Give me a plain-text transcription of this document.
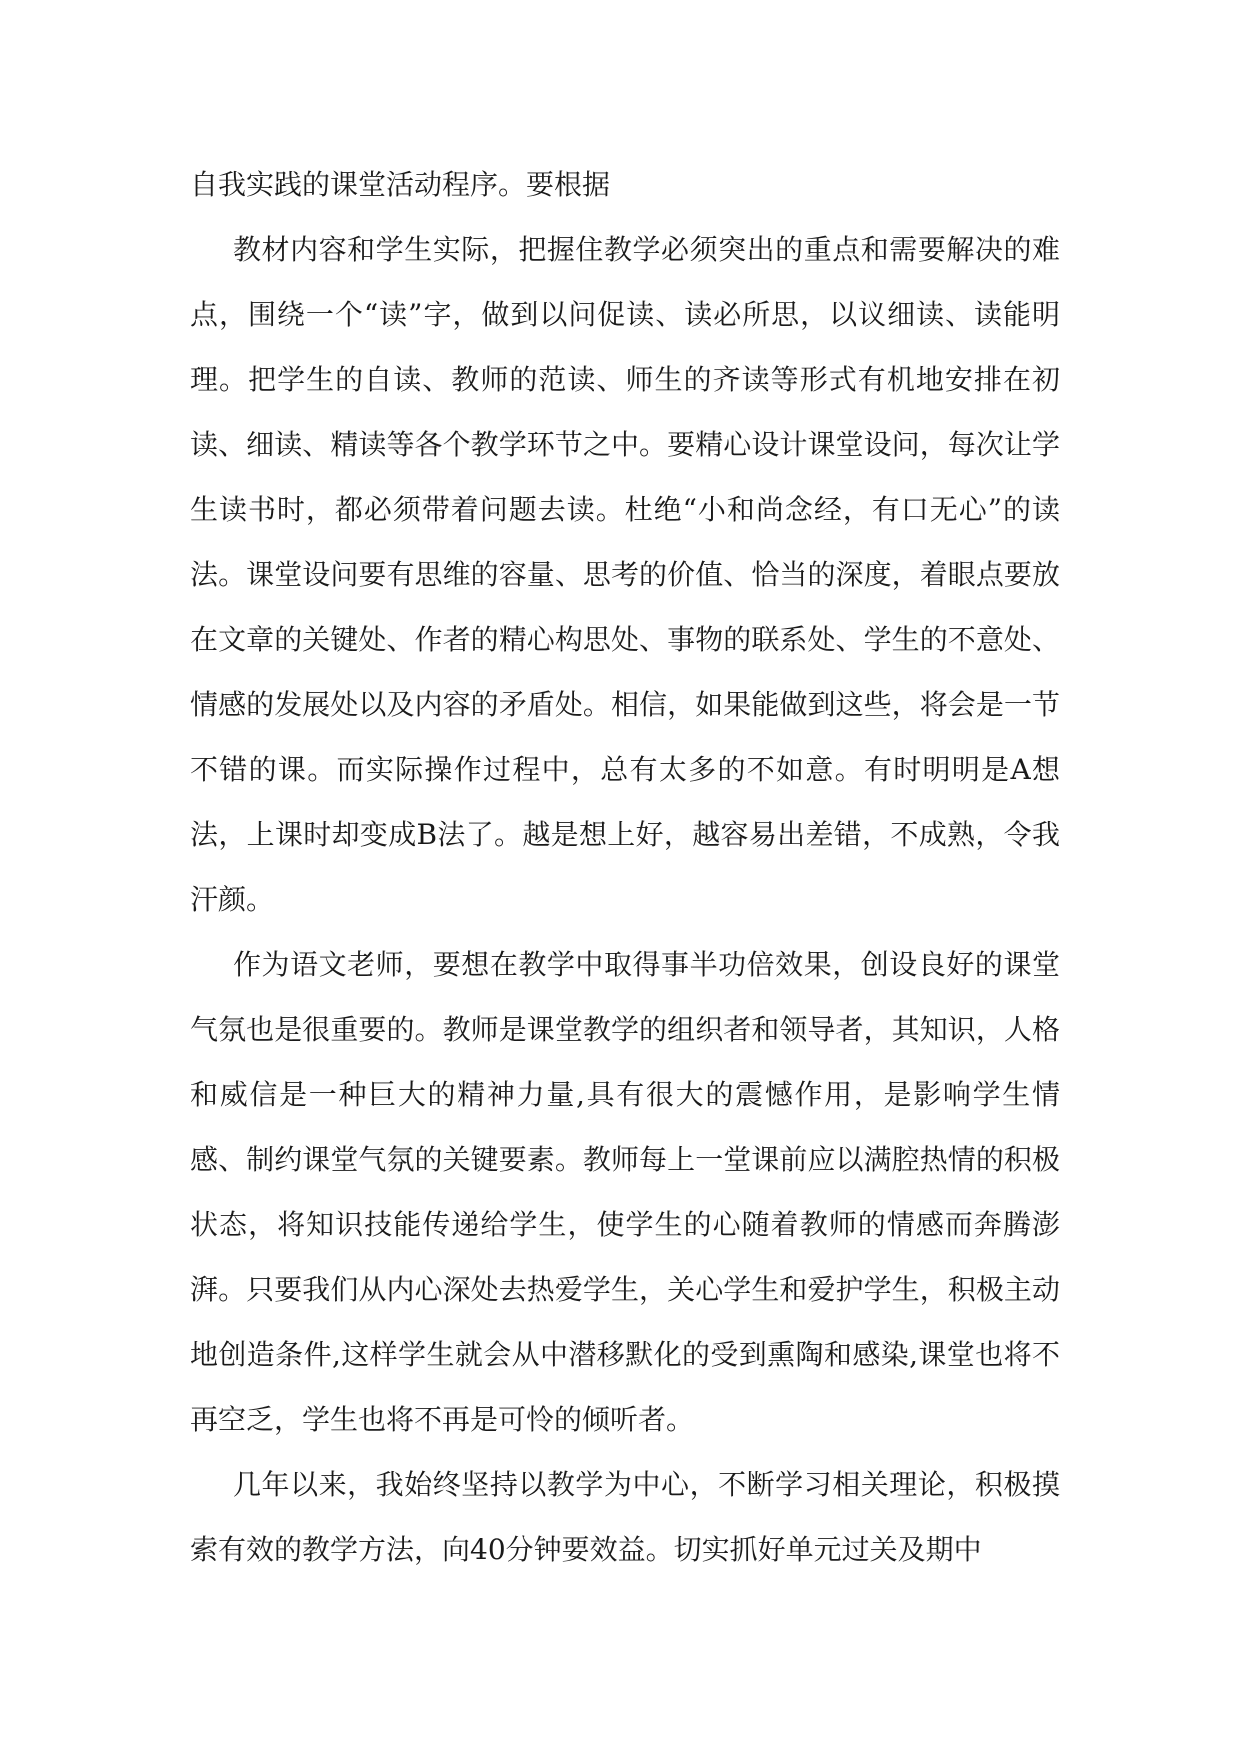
自我实践的课堂活动程序。要根据

教材内容和学生实际，把握住教学必须突出的重点和需要解决的难点，围绕一个“读”字，做到以问促读、读必所思，以议细读、读能明理。把学生的自读、教师的范读、师生的齐读等形式有机地安排在初读、细读、精读等各个教学环节之中。要精心设计课堂设问，每次让学生读书时，都必须带着问题去读。杜绝“小和尚念经，有口无心”的读法。课堂设问要有思维的容量、思考的价值、恰当的深度，着眼点要放在文章的关键处、作者的精心构思处、事物的联系处、学生的不意处、情感的发展处以及内容的矛盾处。相信，如果能做到这些，将会是一节不错的课。而实际操作过程中，总有太多的不如意。有时明明是A想法，上课时却变成B法了。越是想上好，越容易出差错，不成熟，令我汗颜。

作为语文老师，要想在教学中取得事半功倍效果，创设良好的课堂气氛也是很重要的。教师是课堂教学的组织者和领导者，其知识，人格和威信是一种巨大的精神力量,具有很大的震憾作用，是影响学生情感、制约课堂气氛的关键要素。教师每上一堂课前应以满腔热情的积极状态，将知识技能传递给学生，使学生的心随着教师的情感而奔腾澎湃。只要我们从内心深处去热爱学生，关心学生和爱护学生，积极主动地创造条件,这样学生就会从中潜移默化的受到熏陶和感染,课堂也将不再空乏，学生也将不再是可怜的倾听者。

几年以来，我始终坚持以教学为中心，不断学习相关理论，积极摸索有效的教学方法，向40分钟要效益。切实抓好单元过关及期中
